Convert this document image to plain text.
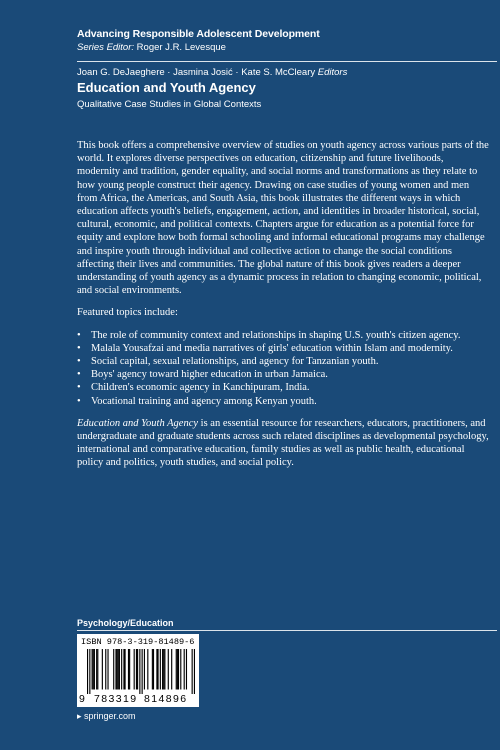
Advancing Responsible Adolescent Development
Series Editor: Roger J.R. Levesque
Joan G. DeJaeghere · Jasmina Josić · Kate S. McCleary Editors
Education and Youth Agency
Qualitative Case Studies in Global Contexts

This book offers a comprehensive overview of studies on youth agency across various parts of the world. It explores diverse perspectives on education, citizenship and future livelihoods, modernity and tradition, gender equality, and social norms and transformations as they relate to how young people construct their agency. Drawing on case studies of young women and men from Africa, the Americas, and South Asia, this book illustrates the different ways in which education affects youth's beliefs, engagement, action, and identities in broader historical, social, cultural, economic, and political contexts. Chapters argue for education as a potential force for equity and explore how both formal schooling and informal educational programs may challenge and inspire youth through individual and collective action to change the social conditions affecting their lives and communities. The global nature of this book gives readers a deeper understanding of youth agency as a dynamic process in relation to changing economic, political, and social environments.

Featured topics include:

• The role of community context and relationships in shaping U.S. youth's citizen agency.
• Malala Yousafzai and media narratives of girls' education within Islam and modernity.
• Social capital, sexual relationships, and agency for Tanzanian youth.
• Boys' agency toward higher education in urban Jamaica.
• Children's economic agency in Kanchipuram, India.
• Vocational training and agency among Kenyan youth.

Education and Youth Agency is an essential resource for researchers, educators, practitioners, and undergraduate and graduate students across such related disciplines as developmental psychology, international and comparative education, family studies as well as public health, educational policy and politics, youth studies, and social policy.

Psychology/Education
ISBN 978-3-319-81489-6
9 783319 814896
▸ springer.com
